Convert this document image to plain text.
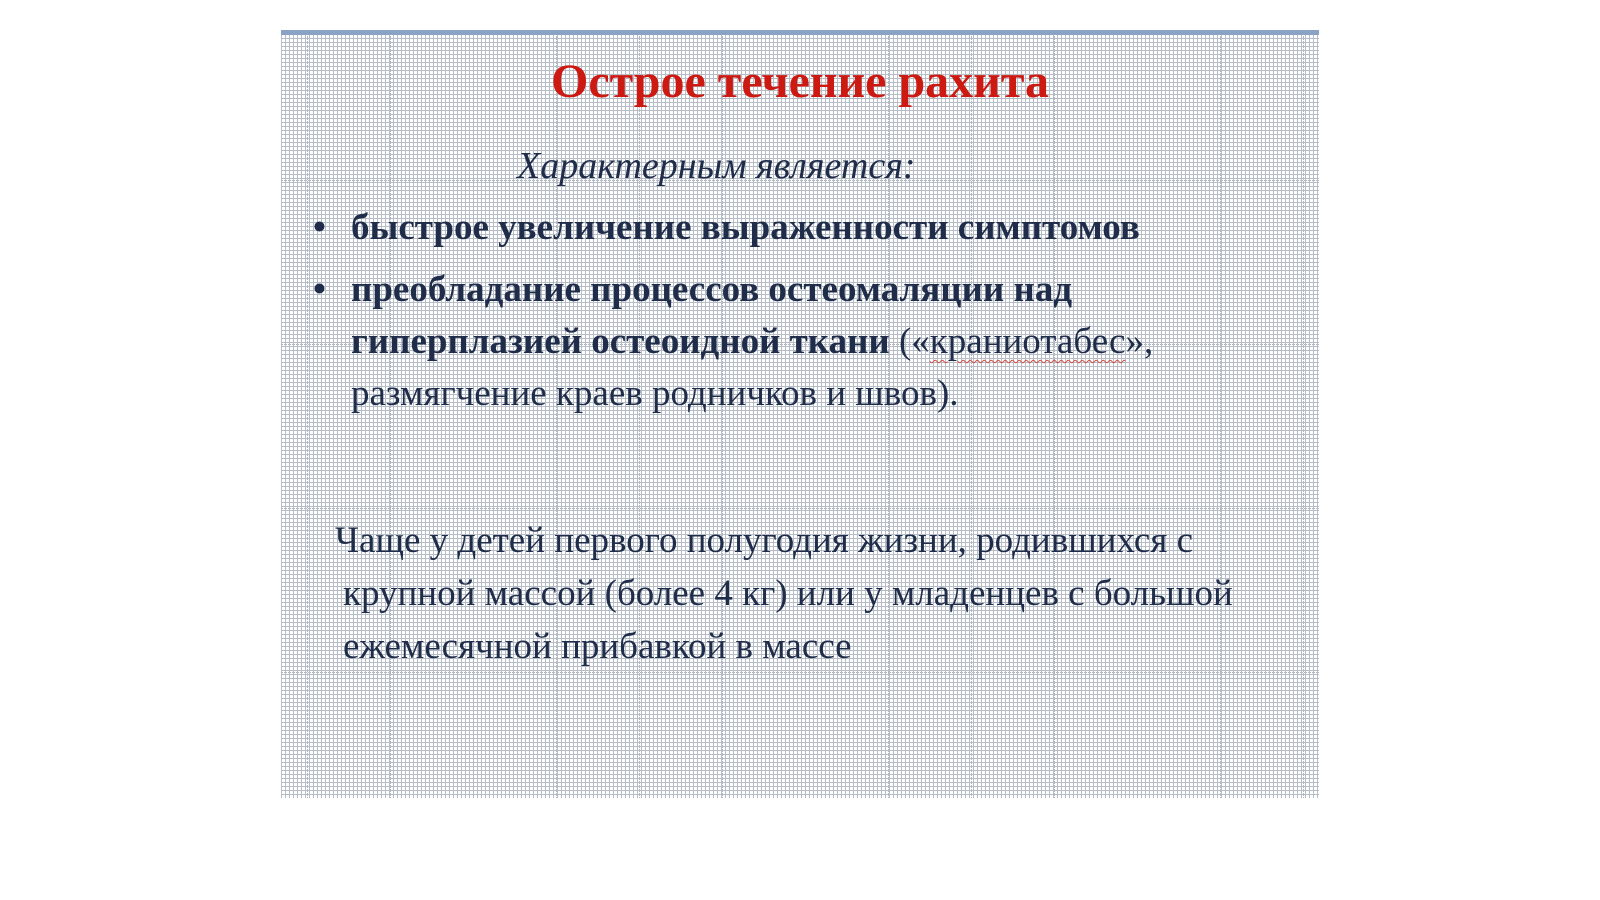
Острое течение рахита
Характерным является:
• быстрое увеличение выраженности симптомов
• преобладание процессов остеомаляции над гиперплазией остеоидной ткани («краниотабес», размягчение краев родничков и швов).

Чаще у детей первого полугодия жизни, родившихся с крупной массой (более 4 кг) или у младенцев с большой ежемесячной прибавкой в массе
